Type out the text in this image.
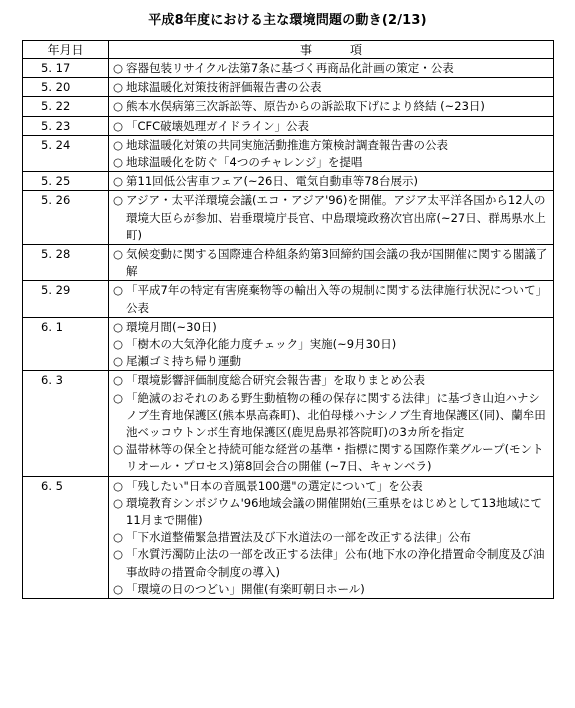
平成8年度における主な環境問題の動き(2/13)
年月日	事項
5. 17	○ 容器包装リサイクル法第7条に基づく再商品化計画の策定・公表

5. 20	○ 地球温暖化対策技術評価報告書の公表

5. 22	○ 熊本水俣病第三次訴訟等、原告からの訴訟取下げにより終結 (~23日)

5. 23	○ 「CFC破壊処理ガイドライン」公表

5. 24	○ 地球温暖化対策の共同実施活動推進方策検討調査報告書の公表
○ 地球温暖化を防ぐ「4つのチャレンジ」を提唱

5. 25	○ 第11回低公害車フェア(~26日、電気自動車等78台展示)

5. 26	○ アジア・太平洋環境会議(エコ・アジア'96)を開催。アジア太平洋各国から12人の環境大臣らが参加、岩垂環境庁長官、中島環境政務次官出席(~27日、群馬県水上町)

5. 28	○ 気候変動に関する国際連合枠組条約第3回締約国会議の我が国開催に関する閣議了解

5. 29	○ 「平成7年の特定有害廃棄物等の輸出入等の規制に関する法律施行状況について」公表

6. 1	○ 環境月間(~30日)
○ 「樹木の大気浄化能力度チェック」実施(~9月30日)
○ 尾瀬ゴミ持ち帰り運動

6. 3	○ 「環境影響評価制度総合研究会報告書」を取りまとめ公表
○ 「絶滅のおそれのある野生動植物の種の保存に関する法律」に基づき山迫ハナシノブ生育地保護区(熊本県高森町)、北伯母様ハナシノブ生育地保護区(同)、蘭牟田池ベッコウトンボ生育地保護区(鹿児島県祁答院町)の3カ所を指定
○ 温帯林等の保全と持続可能な経営の基準・指標に関する国際作業グループ(モントリオール・プロセス)第8回会合の開催 (~7日、キャンベラ)

6. 5	○ 「残したい"日本の音風景100選"の選定について」を公表
○ 環境教育シンポジウム'96地域会議の開催開始(三重県をはじめとして13地域にて11月まで開催)
○ 「下水道整備緊急措置法及び下水道法の一部を改正する法律」公布
○ 「水質汚濁防止法の一部を改正する法律」公布(地下水の浄化措置命令制度及び油事故時の措置命令制度の導入)
○ 「環境の日のつどい」開催(有楽町朝日ホール)
